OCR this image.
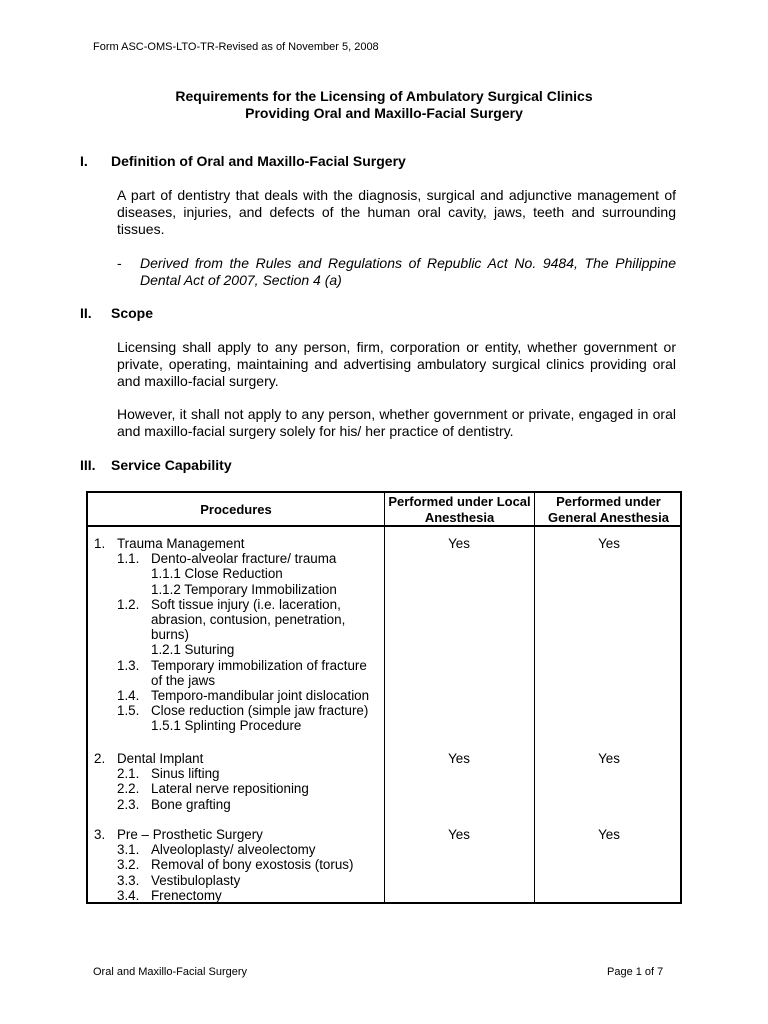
Form ASC-OMS-LTO-TR-Revised as of November 5, 2008
Requirements for the Licensing of Ambulatory Surgical Clinics
Providing Oral and Maxillo-Facial Surgery
I. Definition of Oral and Maxillo-Facial Surgery
A part of dentistry that deals with the diagnosis, surgical and adjunctive management of diseases, injuries, and defects of the human oral cavity, jaws, teeth and surrounding tissues.
- Derived from the Rules and Regulations of Republic Act No. 9484, The Philippine Dental Act of 2007, Section 4 (a)
II. Scope
Licensing shall apply to any person, firm, corporation or entity, whether government or private, operating, maintaining and advertising ambulatory surgical clinics providing oral and maxillo-facial surgery.
However, it shall not apply to any person, whether government or private, engaged in oral and maxillo-facial surgery solely for his/ her practice of dentistry.
III. Service Capability
Procedures
Performed under Local Anesthesia
Performed under General Anesthesia
1. Trauma Management
1.1. Dento-alveolar fracture/ trauma
1.1.1 Close Reduction
1.1.2 Temporary Immobilization
1.2. Soft tissue injury (i.e. laceration,
abrasion, contusion, penetration,
burns)
1.2.1 Suturing
1.3. Temporary immobilization of fracture
of the jaws
1.4. Temporo-mandibular joint dislocation
1.5. Close reduction (simple jaw fracture)
1.5.1 Splinting Procedure
Yes	Yes
2. Dental Implant
2.1. Sinus lifting
2.2. Lateral nerve repositioning
2.3. Bone grafting
Yes	Yes
3. Pre – Prosthetic Surgery
3.1. Alveoloplasty/ alveolectomy
3.2. Removal of bony exostosis (torus)
3.3. Vestibuloplasty
3.4. Frenectomy
Yes	Yes
Oral and Maxillo-Facial Surgery	Page 1 of 7
